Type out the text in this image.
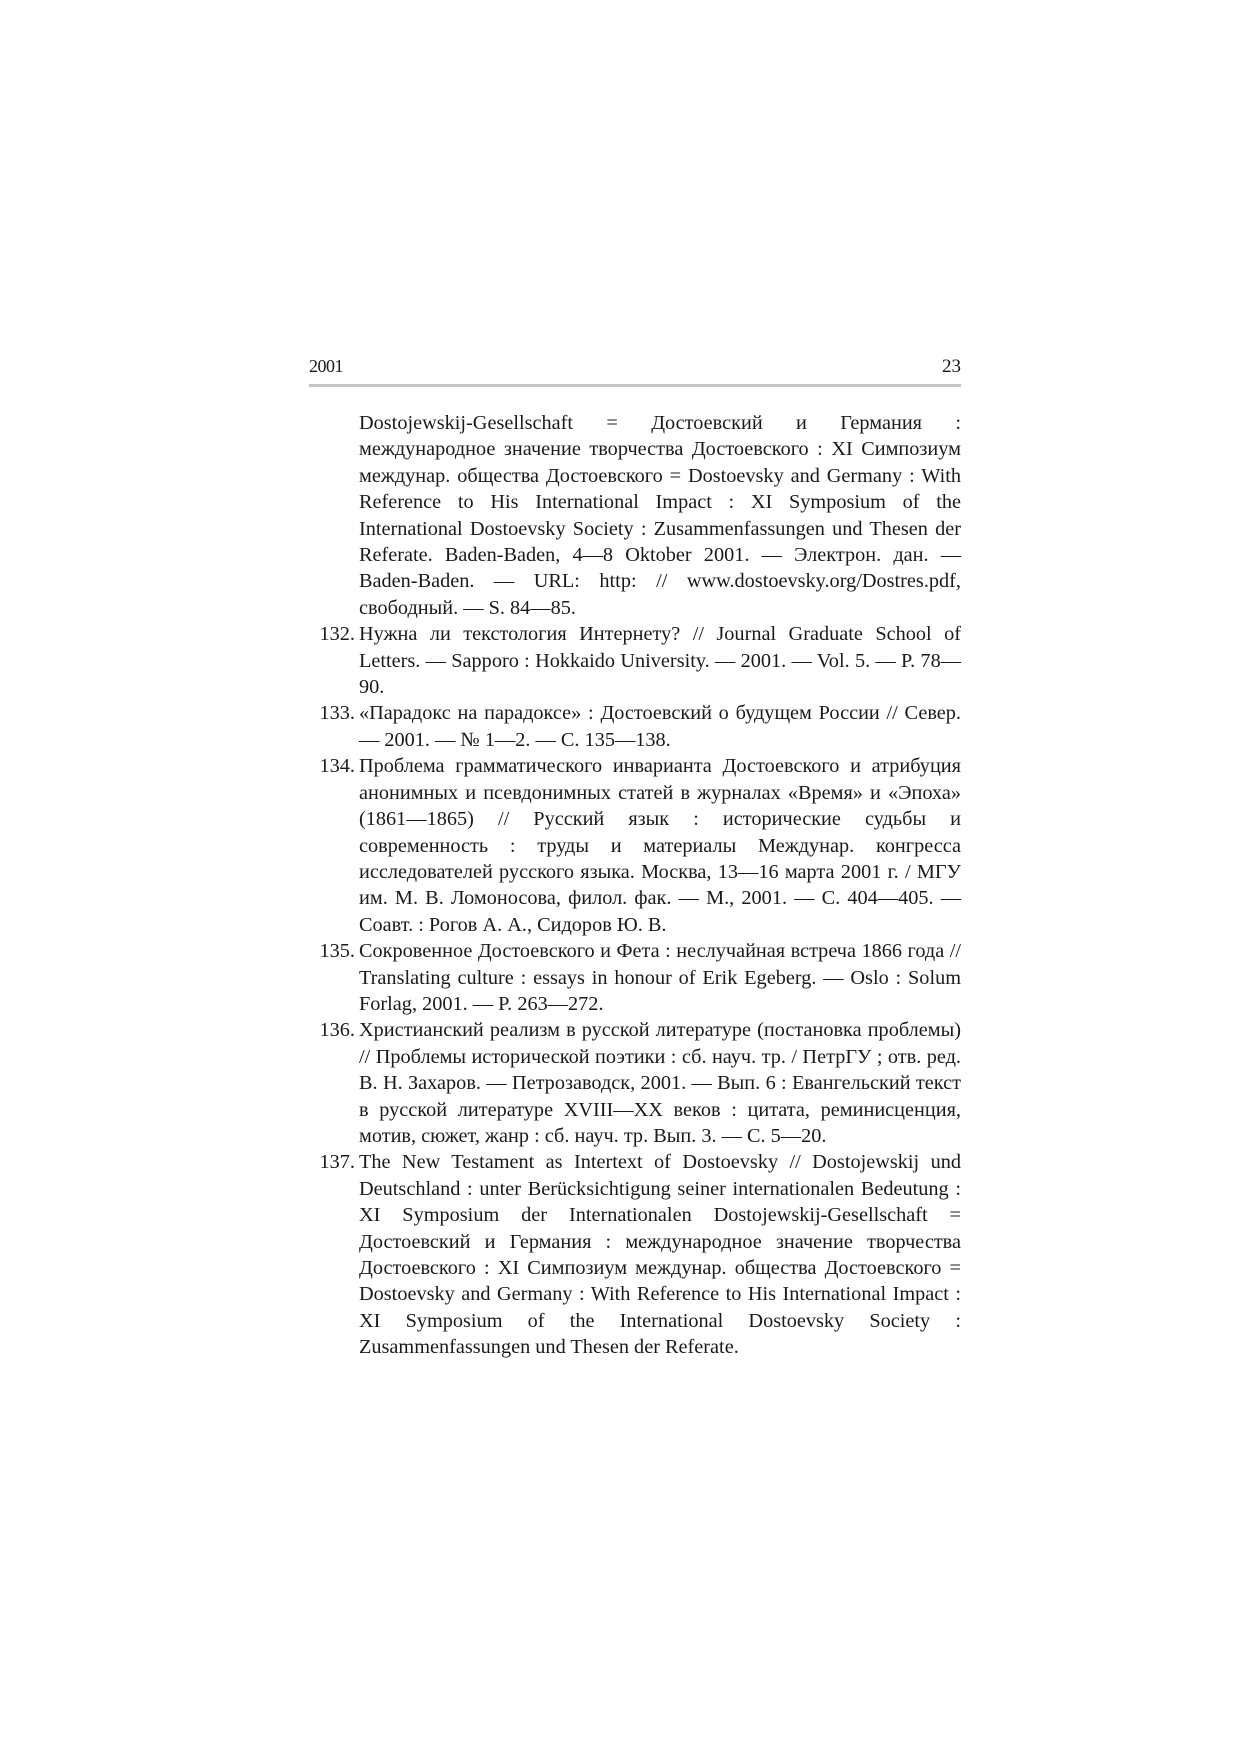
2001	23
Dostojewskij-Gesellschaft = Достоевский и Германия : международное значение творчества Достоевского : XI Симпозиум междунар. общества Достоевского = Dostoevsky and Germany : With Reference to His International Impact : XI Symposium of the International Dostoevsky Society : Zusammenfassungen und Thesen der Referate. Baden-Baden, 4—8 Oktober 2001. — Электрон. дан. — Baden-Baden. — URL: http: // www.dostoevsky.org/Dostres.pdf, свободный. — S. 84—85.
132. Нужна ли текстология Интернету? // Journal Graduate School of Letters. — Sapporo : Hokkaido University. — 2001. — Vol. 5. — P. 78—90.
133. «Парадокс на парадоксе» : Достоевский о будущем России // Север. — 2001. — № 1—2. — С. 135—138.
134. Проблема грамматического инварианта Достоевского и атрибуция анонимных и псевдонимных статей в журналах «Время» и «Эпоха» (1861—1865) // Русский язык : исторические судьбы и современность : труды и материалы Междунар. конгресса исследователей русского языка. Москва, 13—16 марта 2001 г. / МГУ им. М. В. Ломоносова, филол. фак. — М., 2001. — С. 404—405. — Соавт. : Рогов А. А., Сидоров Ю. В.
135. Сокровенное Достоевского и Фета : неслучайная встреча 1866 года // Translating culture : essays in honour of Erik Egeberg. — Oslo : Solum Forlag, 2001. — P. 263—272.
136. Христианский реализм в русской литературе (постановка проблемы) // Проблемы исторической поэтики : сб. науч. тр. / ПетрГУ ; отв. ред. В. Н. Захаров. — Петрозаводск, 2001. — Вып. 6 : Евангельский текст в русской литературе XVIII—XX веков : цитата, реминисценция, мотив, сюжет, жанр : сб. науч. тр. Вып. 3. — С. 5—20.
137. The New Testament as Intertext of Dostoevsky // Dostojewskij und Deutschland : unter Berücksichtigung seiner internationalen Bedeutung : XI Symposium der Internationalen Dostojewskij-Gesellschaft = Достоевский и Германия : международное значение творчества Достоевского : XI Симпозиум междунар. общества Достоевского = Dostoevsky and Germany : With Reference to His International Impact : XI Symposium of the International Dostoevsky Society : Zusammenfassungen und Thesen der Referate.
